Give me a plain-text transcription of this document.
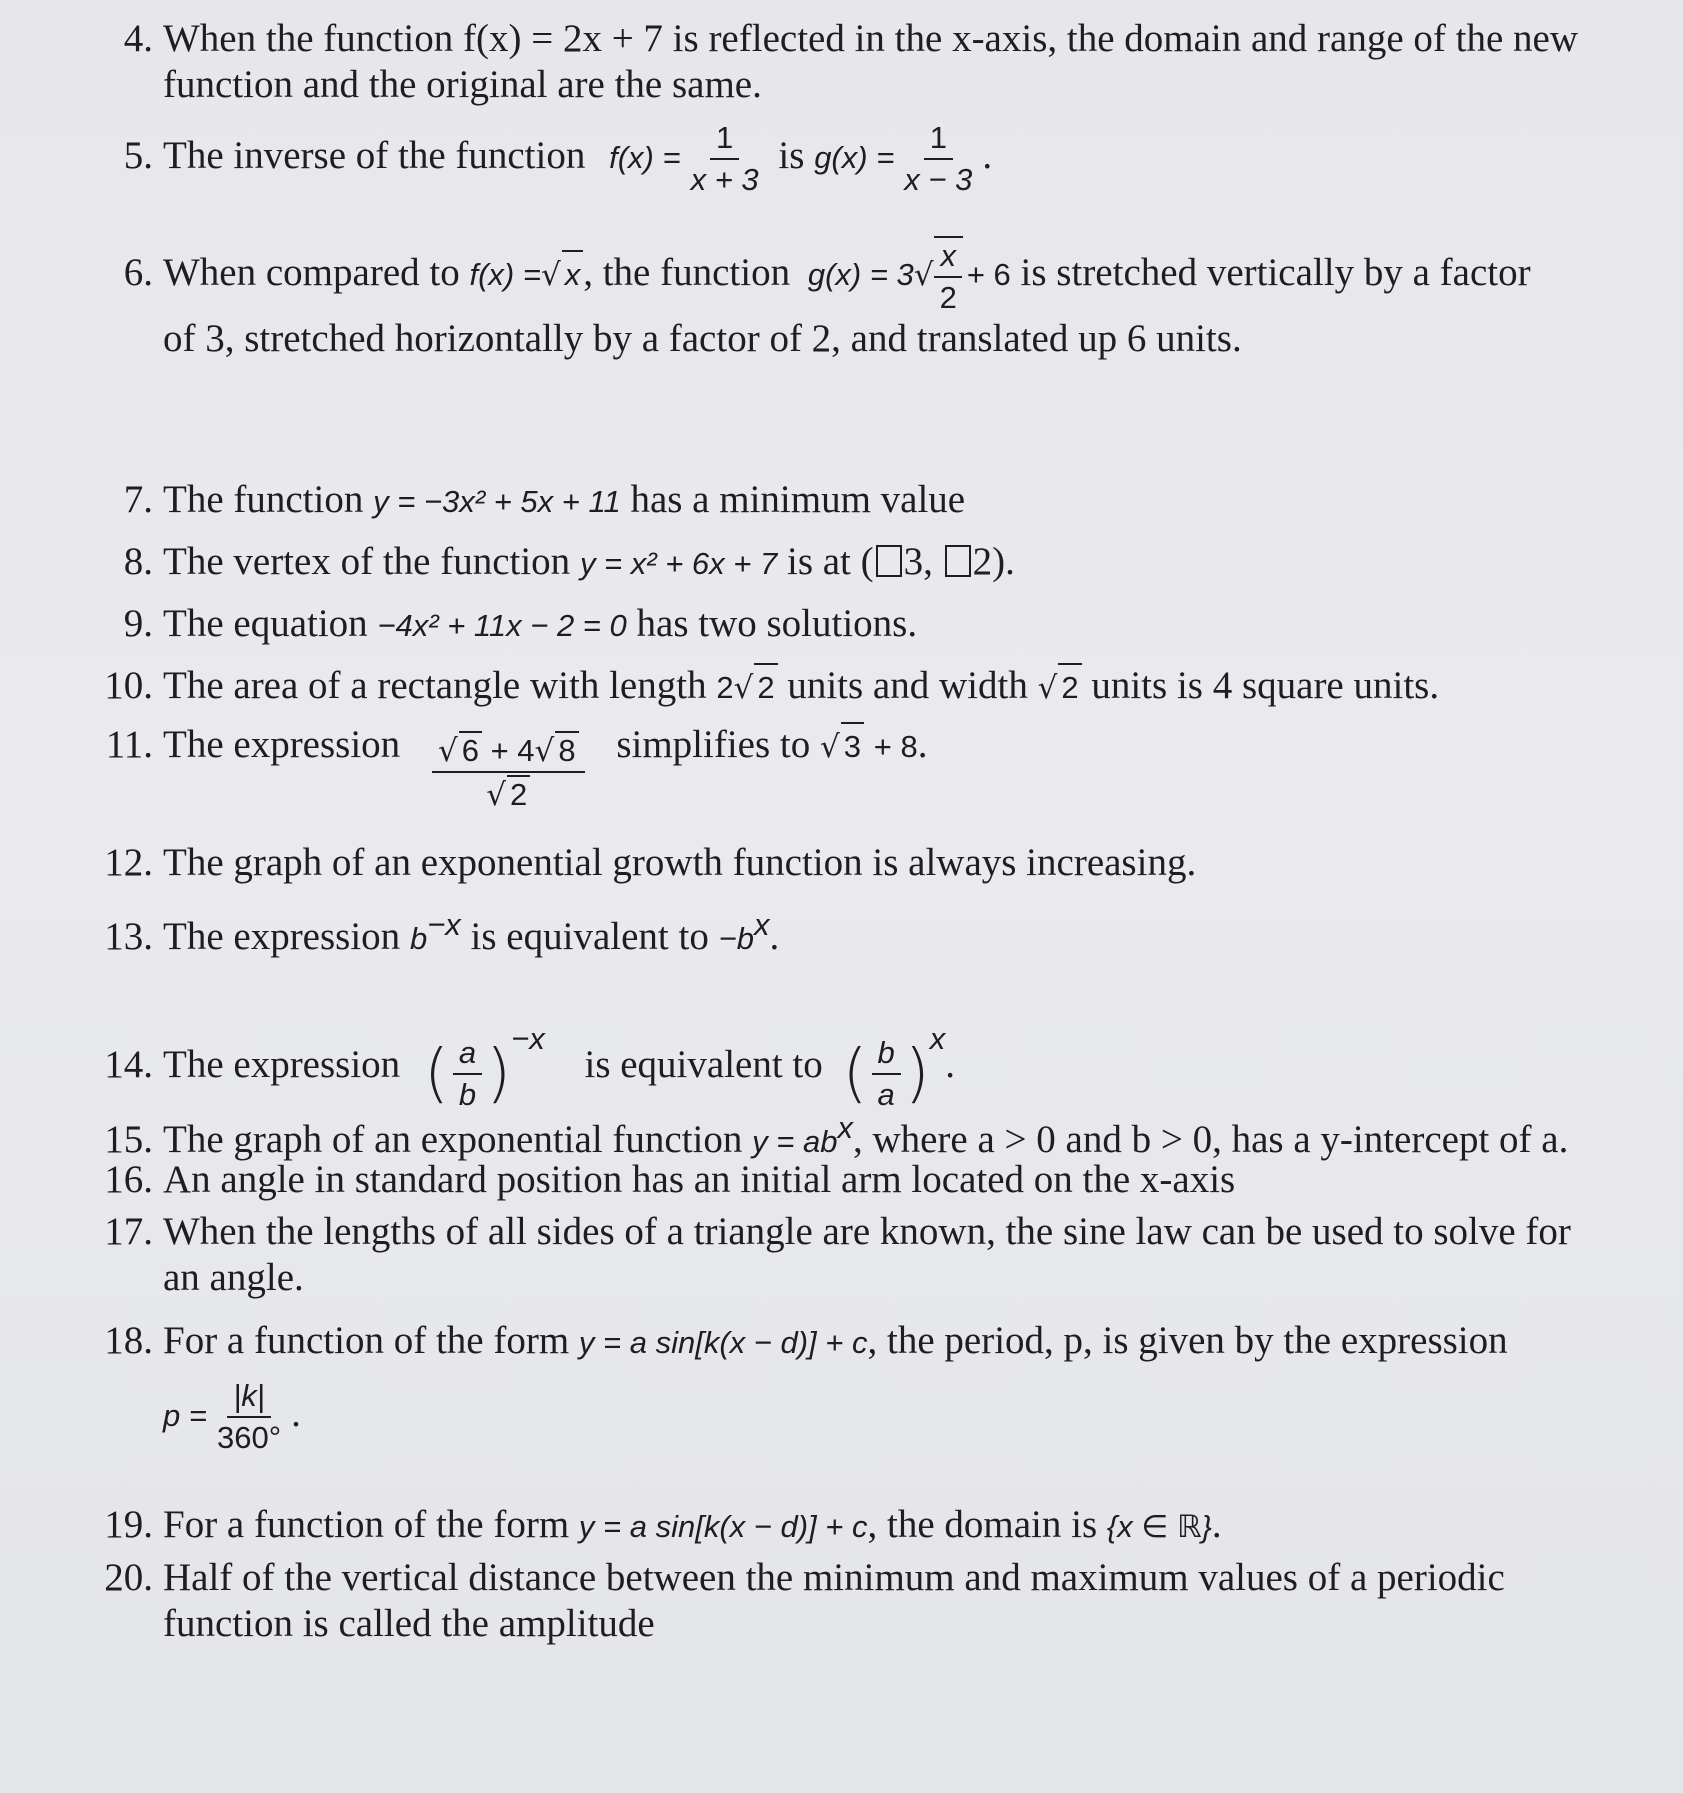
4. When the function f(x) = 2x + 7 is reflected in the x-axis, the domain and range of the new
function and the original are the same.
5. The inverse of the function $f(x) = \frac{1}{x + 3}$ is $g(x) = \frac{1}{x - 3}$ .
6. When compared to f(x) =√ x, the function $g(x) = 3√ \frac{x}{2} + 6$ is stretched vertically by a factor
of 3, stretched horizontally by a factor of 2, and translated up 6 units.
7. The function y = −3x² + 5x + 11 has a minimum value
8. The vertex of the function y = x² + 6x + 7 is at ( 3, 2).
9. The equation −4x² + 11x − 2 = 0 has two solutions.
10. The area of a rectangle with length 2√ 2 units and width √ 2 units is 4 square units.
11. The expression $\frac{√ 6 + 4√ 8}{√ 2}$ simplifies to √ 3 + 8.
12. The graph of an exponential growth function is always increasing.
13. The expression $b^{-x}$ is equivalent to $-b^x$.
14. The expression ( $\frac{a}{b} )^{-x}$ is equivalent to ( $\frac{b}{a} )^x$.
15. The graph of an exponential function $y = ab^x$, where a > 0 and b > 0, has a y-intercept of a.
16. An angle in standard position has an initial arm located on the x-axis
17. When the lengths of all sides of a triangle are known, the sine law can be used to solve for
an angle.
18. For a function of the form y = a sin[k(x − d)] + c, the period, p, is given by the expression
$p = \frac{|k|}{360^\circ}$ .
19. For a function of the form y = a sin[k(x − d)] + c, the domain is {x ∈ ℝ}.
20. Half of the vertical distance between the minimum and maximum values of a periodic
function is called the amplitude
